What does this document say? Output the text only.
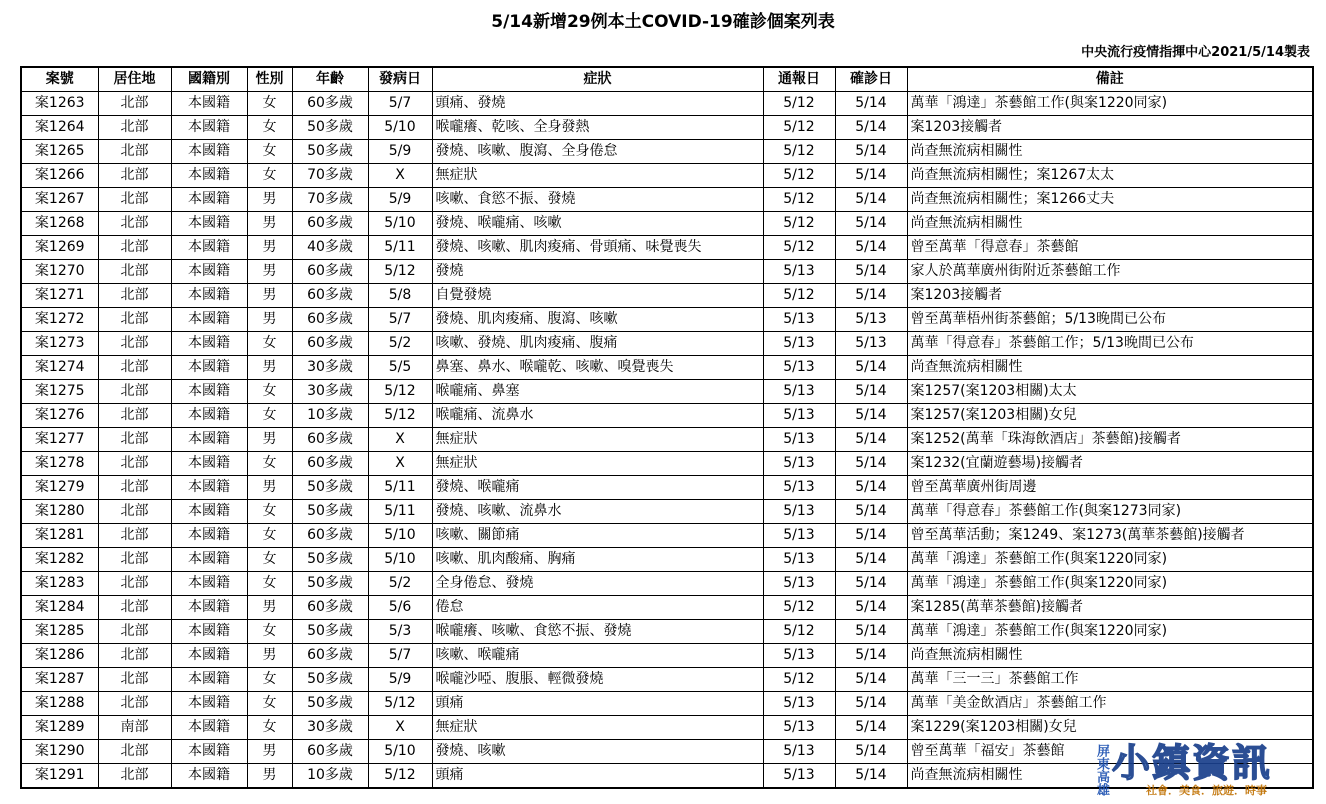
5/14新增29例本土COVID-19確診個案列表
中央流行疫情指揮中心2021/5/14製表
案號	居住地	國籍別	性別	年齡	發病日	症狀	通報日	確診日	備註
案1263	北部	本國籍	女	60多歲	5/7	頭痛、發燒	5/12	5/14	萬華「鴻達」茶藝館工作(與案1220同家)
案1264	北部	本國籍	女	50多歲	5/10	喉嚨癢、乾咳、全身發熱	5/12	5/14	案1203接觸者
案1265	北部	本國籍	女	50多歲	5/9	發燒、咳嗽、腹瀉、全身倦怠	5/12	5/14	尚查無流病相關性
案1266	北部	本國籍	女	70多歲	X	無症狀	5/12	5/14	尚查無流病相關性；案1267太太
案1267	北部	本國籍	男	70多歲	5/9	咳嗽、食慾不振、發燒	5/12	5/14	尚查無流病相關性；案1266丈夫
案1268	北部	本國籍	男	60多歲	5/10	發燒、喉嚨痛、咳嗽	5/12	5/14	尚查無流病相關性
案1269	北部	本國籍	男	40多歲	5/11	發燒、咳嗽、肌肉痠痛、骨頭痛、味覺喪失	5/12	5/14	曾至萬華「得意春」茶藝館
案1270	北部	本國籍	男	60多歲	5/12	發燒	5/13	5/14	家人於萬華廣州街附近茶藝館工作
案1271	北部	本國籍	男	60多歲	5/8	自覺發燒	5/12	5/14	案1203接觸者
案1272	北部	本國籍	男	60多歲	5/7	發燒、肌肉痠痛、腹瀉、咳嗽	5/13	5/13	曾至萬華梧州街茶藝館；5/13晚間已公布
案1273	北部	本國籍	女	60多歲	5/2	咳嗽、發燒、肌肉痠痛、腹痛	5/13	5/13	萬華「得意春」茶藝館工作；5/13晚間已公布
案1274	北部	本國籍	男	30多歲	5/5	鼻塞、鼻水、喉嚨乾、咳嗽、嗅覺喪失	5/13	5/14	尚查無流病相關性
案1275	北部	本國籍	女	30多歲	5/12	喉嚨痛、鼻塞	5/13	5/14	案1257(案1203相關)太太
案1276	北部	本國籍	女	10多歲	5/12	喉嚨痛、流鼻水	5/13	5/14	案1257(案1203相關)女兒
案1277	北部	本國籍	男	60多歲	X	無症狀	5/13	5/14	案1252(萬華「珠海飲酒店」茶藝館)接觸者
案1278	北部	本國籍	女	60多歲	X	無症狀	5/13	5/14	案1232(宜蘭遊藝場)接觸者
案1279	北部	本國籍	男	50多歲	5/11	發燒、喉嚨痛	5/13	5/14	曾至萬華廣州街周邊
案1280	北部	本國籍	女	50多歲	5/11	發燒、咳嗽、流鼻水	5/13	5/14	萬華「得意春」茶藝館工作(與案1273同家)
案1281	北部	本國籍	女	60多歲	5/10	咳嗽、關節痛	5/13	5/14	曾至萬華活動；案1249、案1273(萬華茶藝館)接觸者
案1282	北部	本國籍	女	50多歲	5/10	咳嗽、肌肉酸痛、胸痛	5/13	5/14	萬華「鴻達」茶藝館工作(與案1220同家)
案1283	北部	本國籍	女	50多歲	5/2	全身倦怠、發燒	5/13	5/14	萬華「鴻達」茶藝館工作(與案1220同家)
案1284	北部	本國籍	男	60多歲	5/6	倦怠	5/12	5/14	案1285(萬華茶藝館)接觸者
案1285	北部	本國籍	女	50多歲	5/3	喉嚨癢、咳嗽、食慾不振、發燒	5/12	5/14	萬華「鴻達」茶藝館工作(與案1220同家)
案1286	北部	本國籍	男	60多歲	5/7	咳嗽、喉嚨痛	5/13	5/14	尚查無流病相關性
案1287	北部	本國籍	女	50多歲	5/9	喉嚨沙啞、腹脹、輕微發燒	5/12	5/14	萬華「三一三」茶藝館工作
案1288	北部	本國籍	女	50多歲	5/12	頭痛	5/13	5/14	萬華「美金飲酒店」茶藝館工作
案1289	南部	本國籍	女	30多歲	X	無症狀	5/13	5/14	案1229(案1203相關)女兒
案1290	北部	本國籍	男	60多歲	5/10	發燒、咳嗽	5/13	5/14	曾至萬華「福安」茶藝館
案1291	北部	本國籍	男	10多歲	5/12	頭痛	5/13	5/14	尚查無流病相關性	屏東高雄 小鎮資訊
社會．美食．旅遊．時事
